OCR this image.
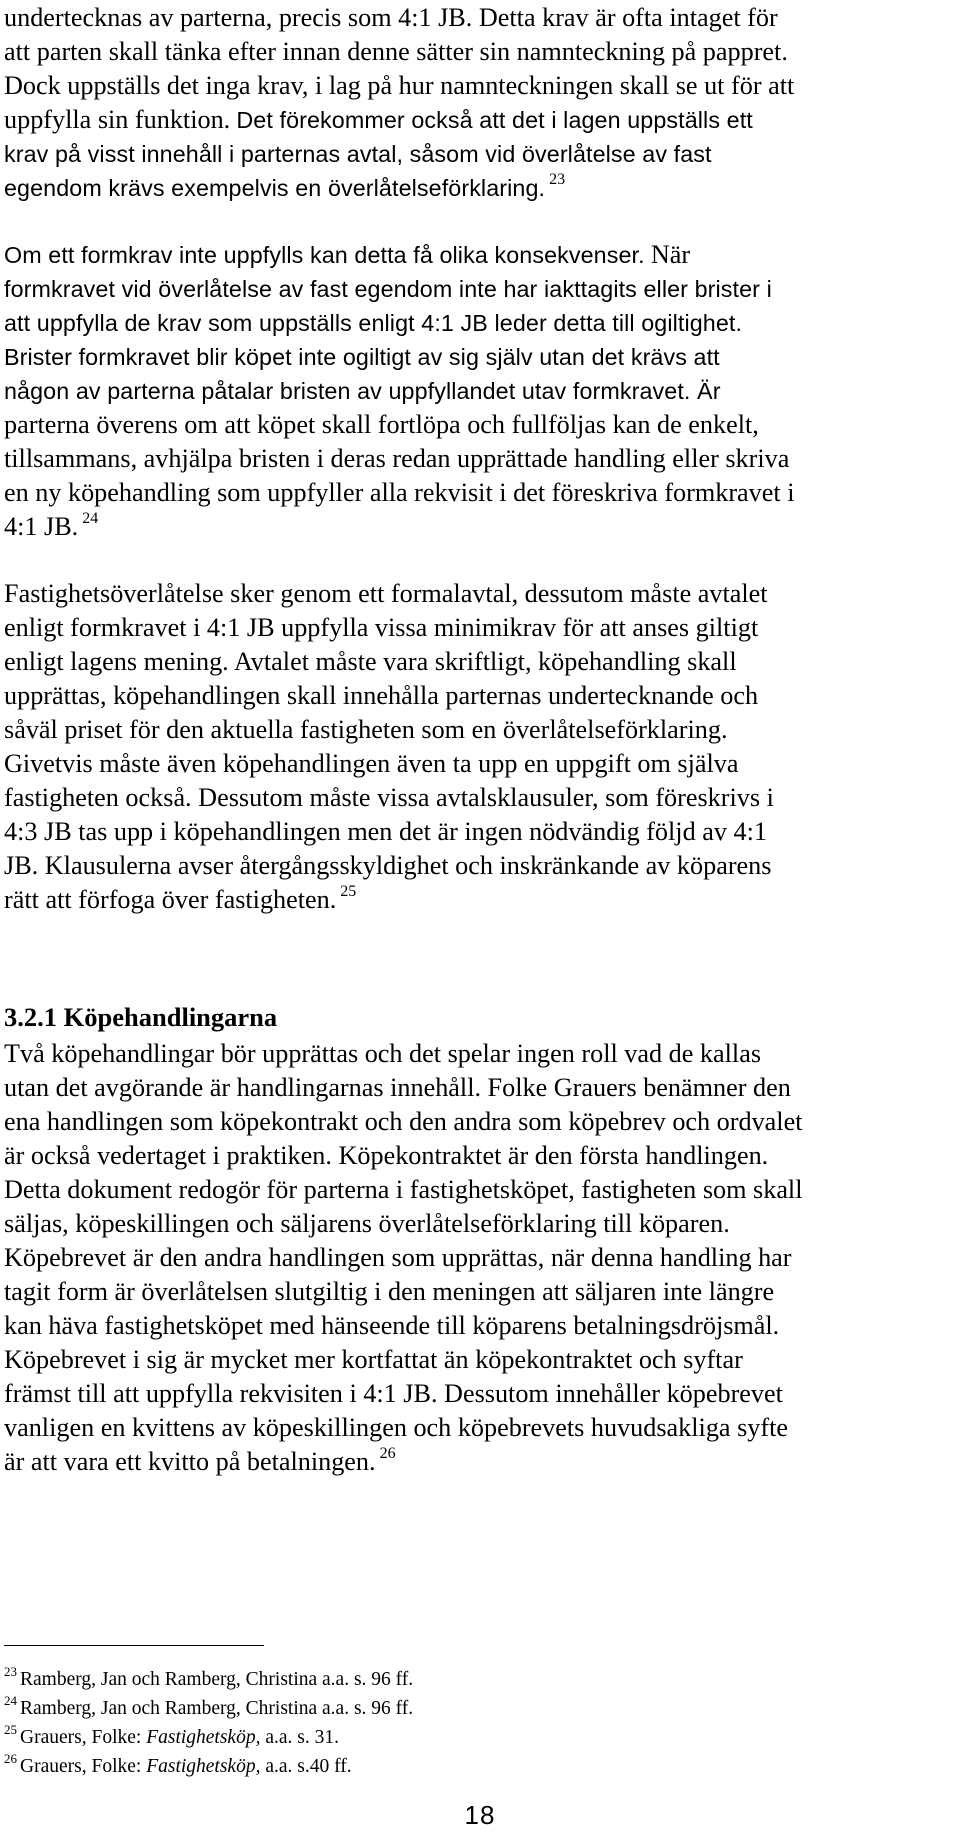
undertecknas av parterna, precis som 4:1 JB. Detta krav är ofta intaget för
att parten skall tänka efter innan denne sätter sin namnteckning på pappret.
Dock uppställs det inga krav, i lag på hur namnteckningen skall se ut för att
uppfylla sin funktion. Det förekommer också att det i lagen uppställs ett
krav på visst innehåll i parternas avtal, såsom vid överlåtelse av fast
egendom krävs exempelvis en överlåtelseförklaring. $^{23}$
Om ett formkrav inte uppfylls kan detta få olika konsekvenser. När
formkravet vid överlåtelse av fast egendom inte har iakttagits eller brister i
att uppfylla de krav som uppställs enligt 4:1 JB leder detta till ogiltighet.
Brister formkravet blir köpet inte ogiltigt av sig själv utan det krävs att
någon av parterna påtalar bristen av uppfyllandet utav formkravet. Är
parterna överens om att köpet skall fortlöpa och fullföljas kan de enkelt,
tillsammans, avhjälpa bristen i deras redan upprättade handling eller skriva
en ny köpehandling som uppfyller alla rekvisit i det föreskriva formkravet i
4:1 JB. $^{24}$
Fastighetsöverlåtelse sker genom ett formalavtal, dessutom måste avtalet
enligt formkravet i 4:1 JB uppfylla vissa minimikrav för att anses giltigt
enligt lagens mening. Avtalet måste vara skriftligt, köpehandling skall
upprättas, köpehandlingen skall innehålla parternas undertecknande och
såväl priset för den aktuella fastigheten som en överlåtelseförklaring.
Givetvis måste även köpehandlingen även ta upp en uppgift om själva
fastigheten också. Dessutom måste vissa avtalsklausuler, som föreskrivs i
4:3 JB tas upp i köpehandlingen men det är ingen nödvändig följd av 4:1
JB. Klausulerna avser återgångsskyldighet och inskränkande av köparens
rätt att förfoga över fastigheten. $^{25}$
3.2.1 Köpehandlingarna
Två köpehandlingar bör upprättas och det spelar ingen roll vad de kallas
utan det avgörande är handlingarnas innehåll. Folke Grauers benämner den
ena handlingen som köpekontrakt och den andra som köpebrev och ordvalet
är också vedertaget i praktiken. Köpekontraktet är den första handlingen.
Detta dokument redogör för parterna i fastighetsköpet, fastigheten som skall
säljas, köpeskillingen och säljarens överlåtelseförklaring till köparen.
Köpebrevet är den andra handlingen som upprättas, när denna handling har
tagit form är överlåtelsen slutgiltig i den meningen att säljaren inte längre
kan häva fastighetsköpet med hänseende till köparens betalningsdröjsmål.
Köpebrevet i sig är mycket mer kortfattat än köpekontraktet och syftar
främst till att uppfylla rekvisiten i 4:1 JB. Dessutom innehåller köpebrevet
vanligen en kvittens av köpeskillingen och köpebrevets huvudsakliga syfte
är att vara ett kvitto på betalningen. $^{26}$
$^{23}$ Ramberg, Jan och Ramberg, Christina a.a. s. 96 ff.
$^{24}$ Ramberg, Jan och Ramberg, Christina a.a. s. 96 ff.
$^{25}$ Grauers, Folke: Fastighetsköp, a.a. s. 31.
$^{26}$ Grauers, Folke: Fastighetsköp, a.a. s.40 ff.
18
